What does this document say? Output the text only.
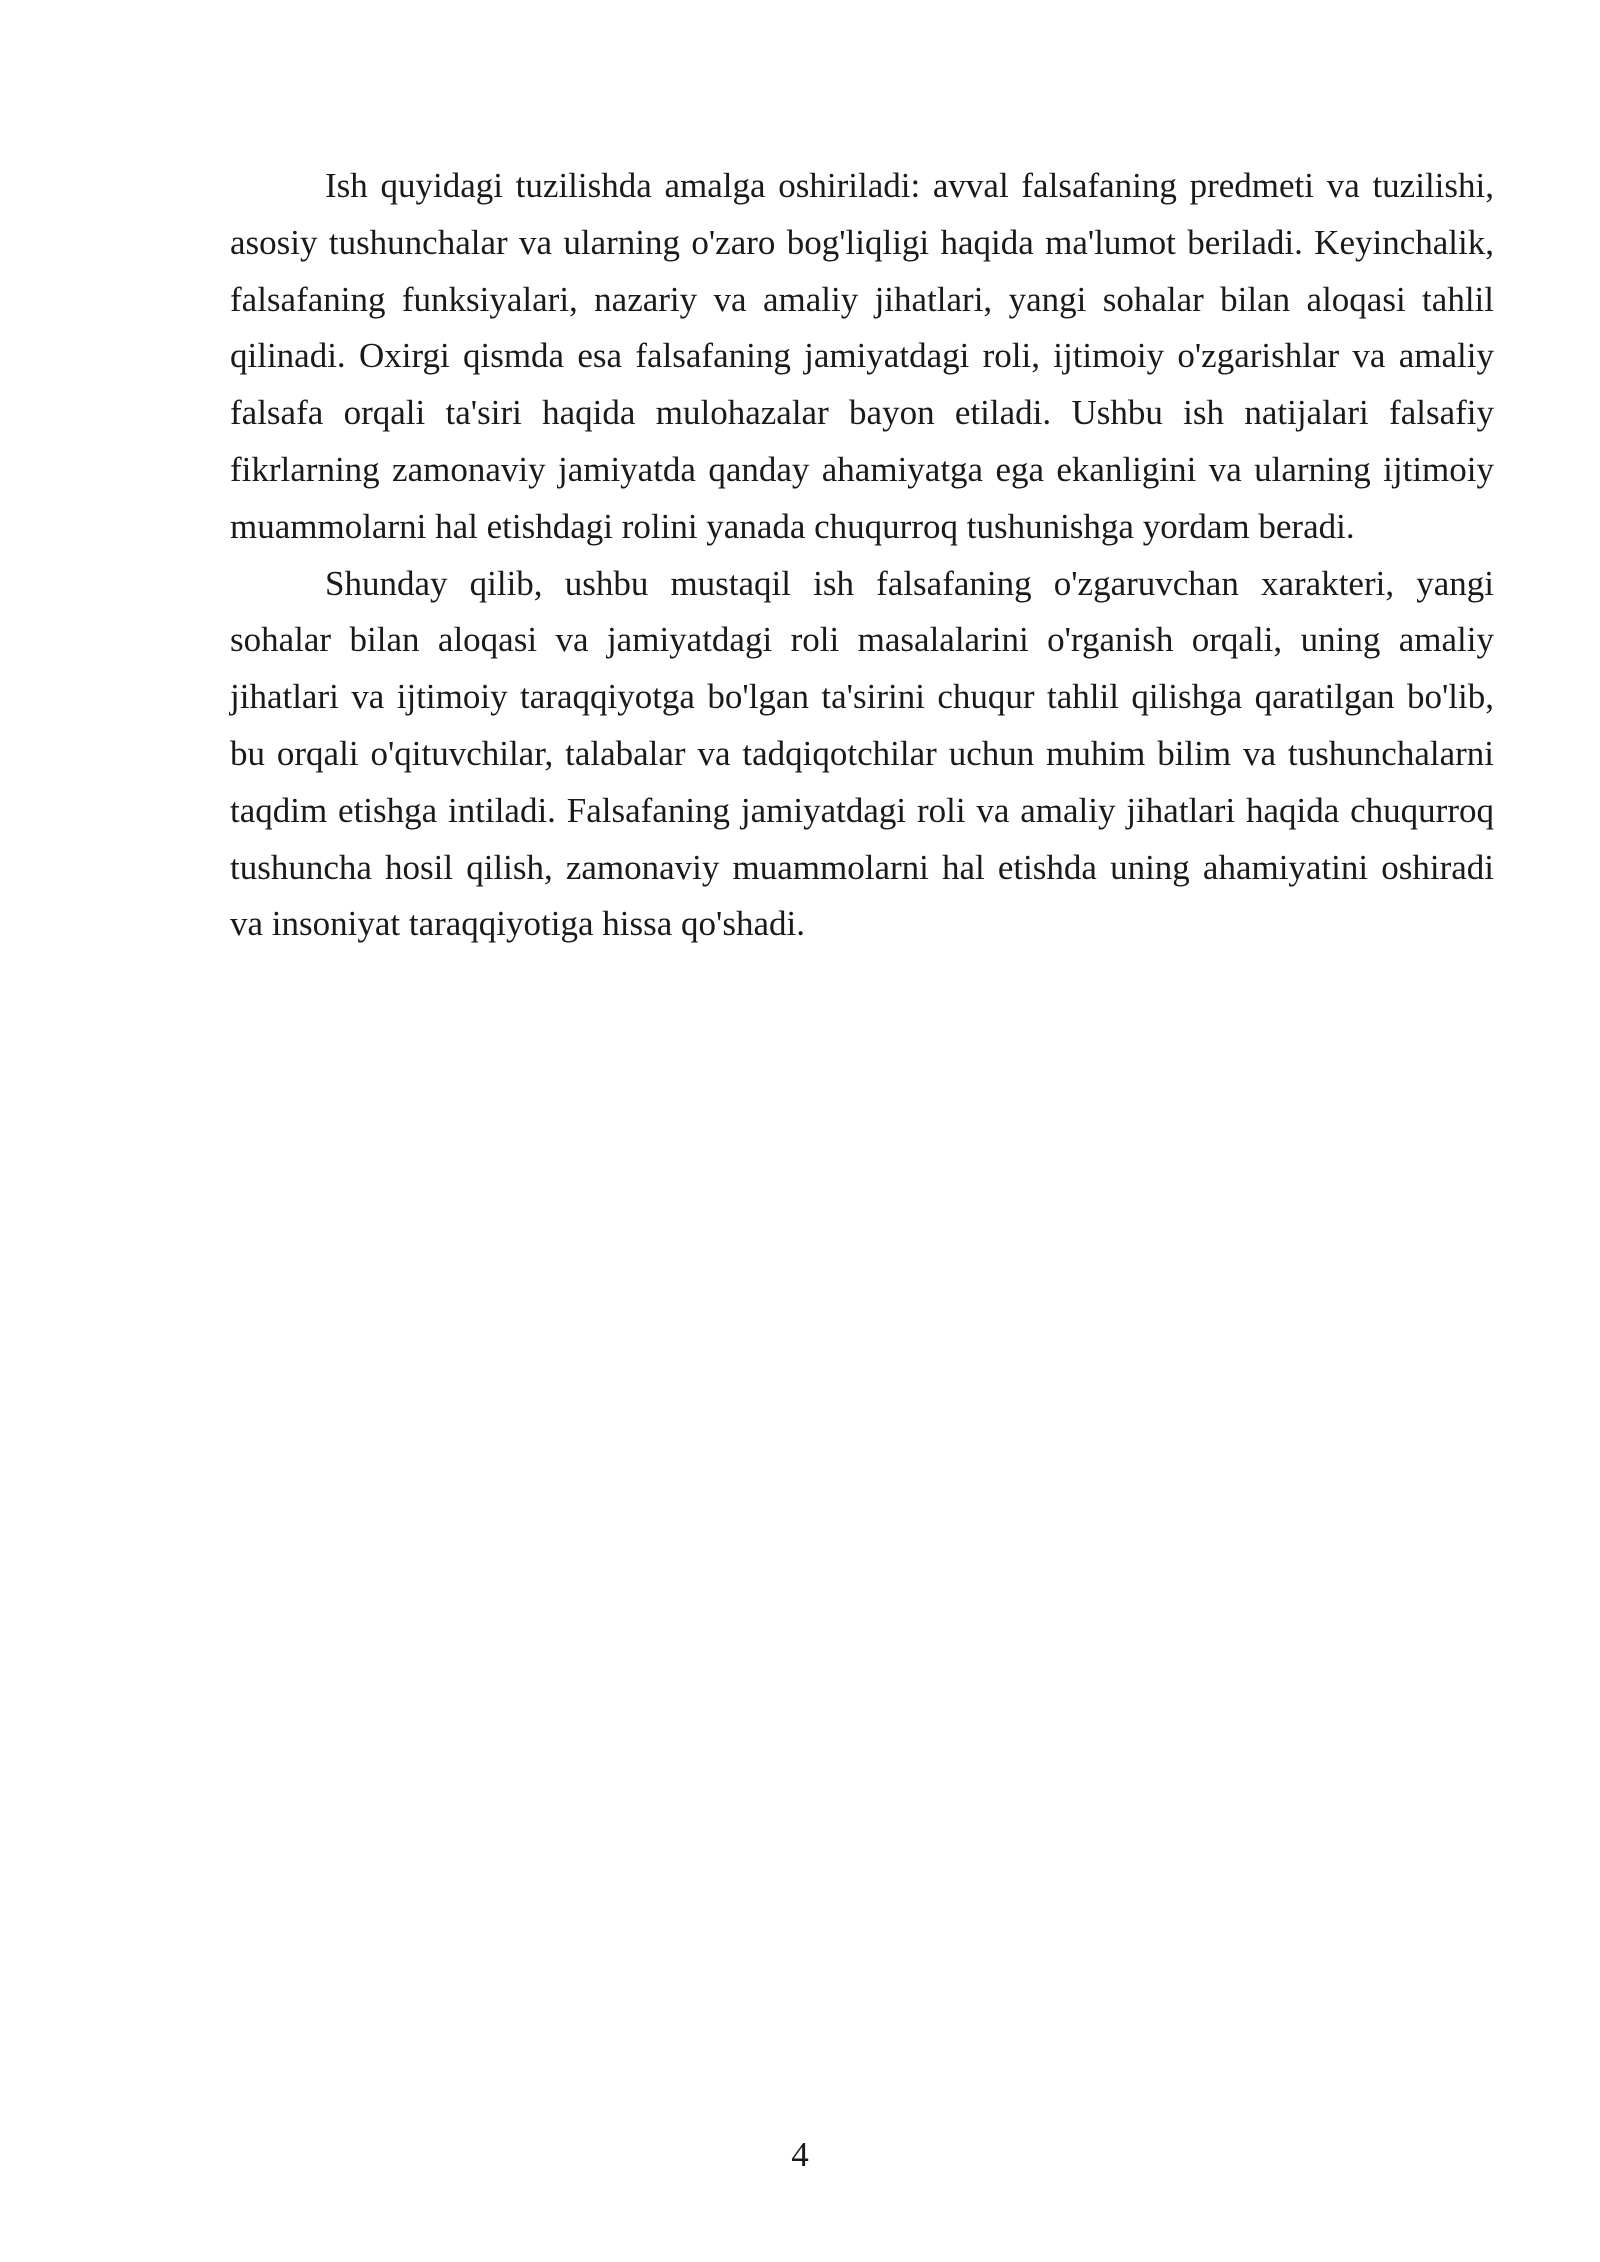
Ish quyidagi tuzilishda amalga oshiriladi: avval falsafaning predmeti va tuzilishi, asosiy tushunchalar va ularning o'zaro bog'liqligi haqida ma'lumot beriladi. Keyinchalik, falsafaning funksiyalari, nazariy va amaliy jihatlari, yangi sohalar bilan aloqasi tahlil qilinadi. Oxirgi qismda esa falsafaning jamiyatdagi roli, ijtimoiy o'zgarishlar va amaliy falsafa orqali ta'siri haqida mulohazalar bayon etiladi. Ushbu ish natijalari falsafiy fikrlarning zamonaviy jamiyatda qanday ahamiyatga ega ekanligini va ularning ijtimoiy muammolarni hal etishdagi rolini yanada chuqurroq tushunishga yordam beradi.

Shunday qilib, ushbu mustaqil ish falsafaning o'zgaruvchan xarakteri, yangi sohalar bilan aloqasi va jamiyatdagi roli masalalarini o'rganish orqali, uning amaliy jihatlari va ijtimoiy taraqqiyotga bo'lgan ta'sirini chuqur tahlil qilishga qaratilgan bo'lib, bu orqali o'qituvchilar, talabalar va tadqiqotchilar uchun muhim bilim va tushunchalarni taqdim etishga intiladi. Falsafaning jamiyatdagi roli va amaliy jihatlari haqida chuqurroq tushuncha hosil qilish, zamonaviy muammolarni hal etishda uning ahamiyatini oshiradi va insoniyat taraqqiyotiga hissa qo'shadi.

4
